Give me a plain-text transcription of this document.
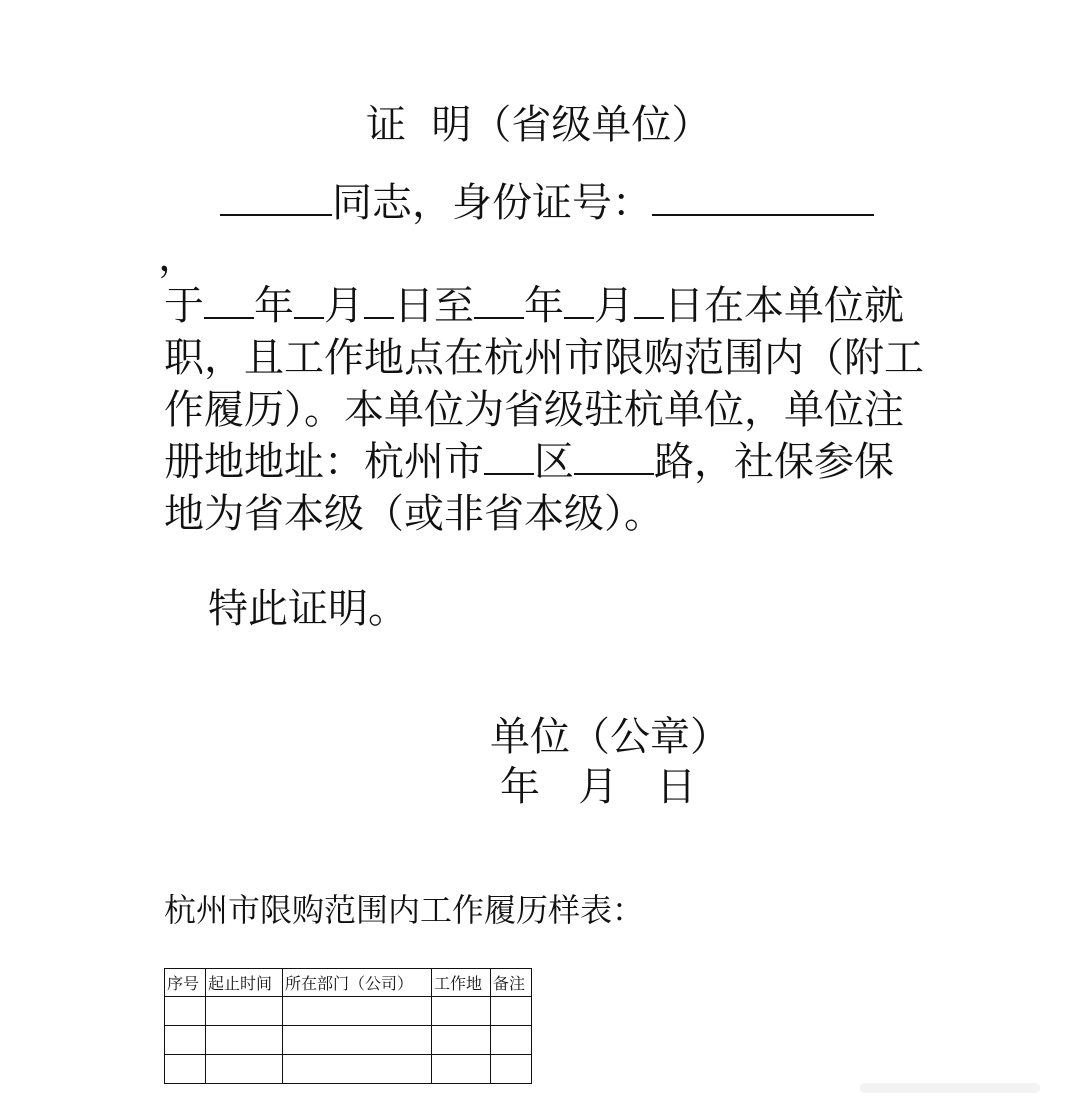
证  明（省级单位）
同志，身份证号：
，
于 年 月 日至 年 月 日在本单位就职，且工作地点在杭州市限购范围内（附工作履历）。本单位为省级驻杭单位，单位注册地地址：杭州市 区 路，社保参保地为省本级（或非省本级）。
特此证明。
单位（公章）
年   月   日
杭州市限购范围内工作履历样表：
序号	起止时间	所在部门（公司）	工作地	备注
